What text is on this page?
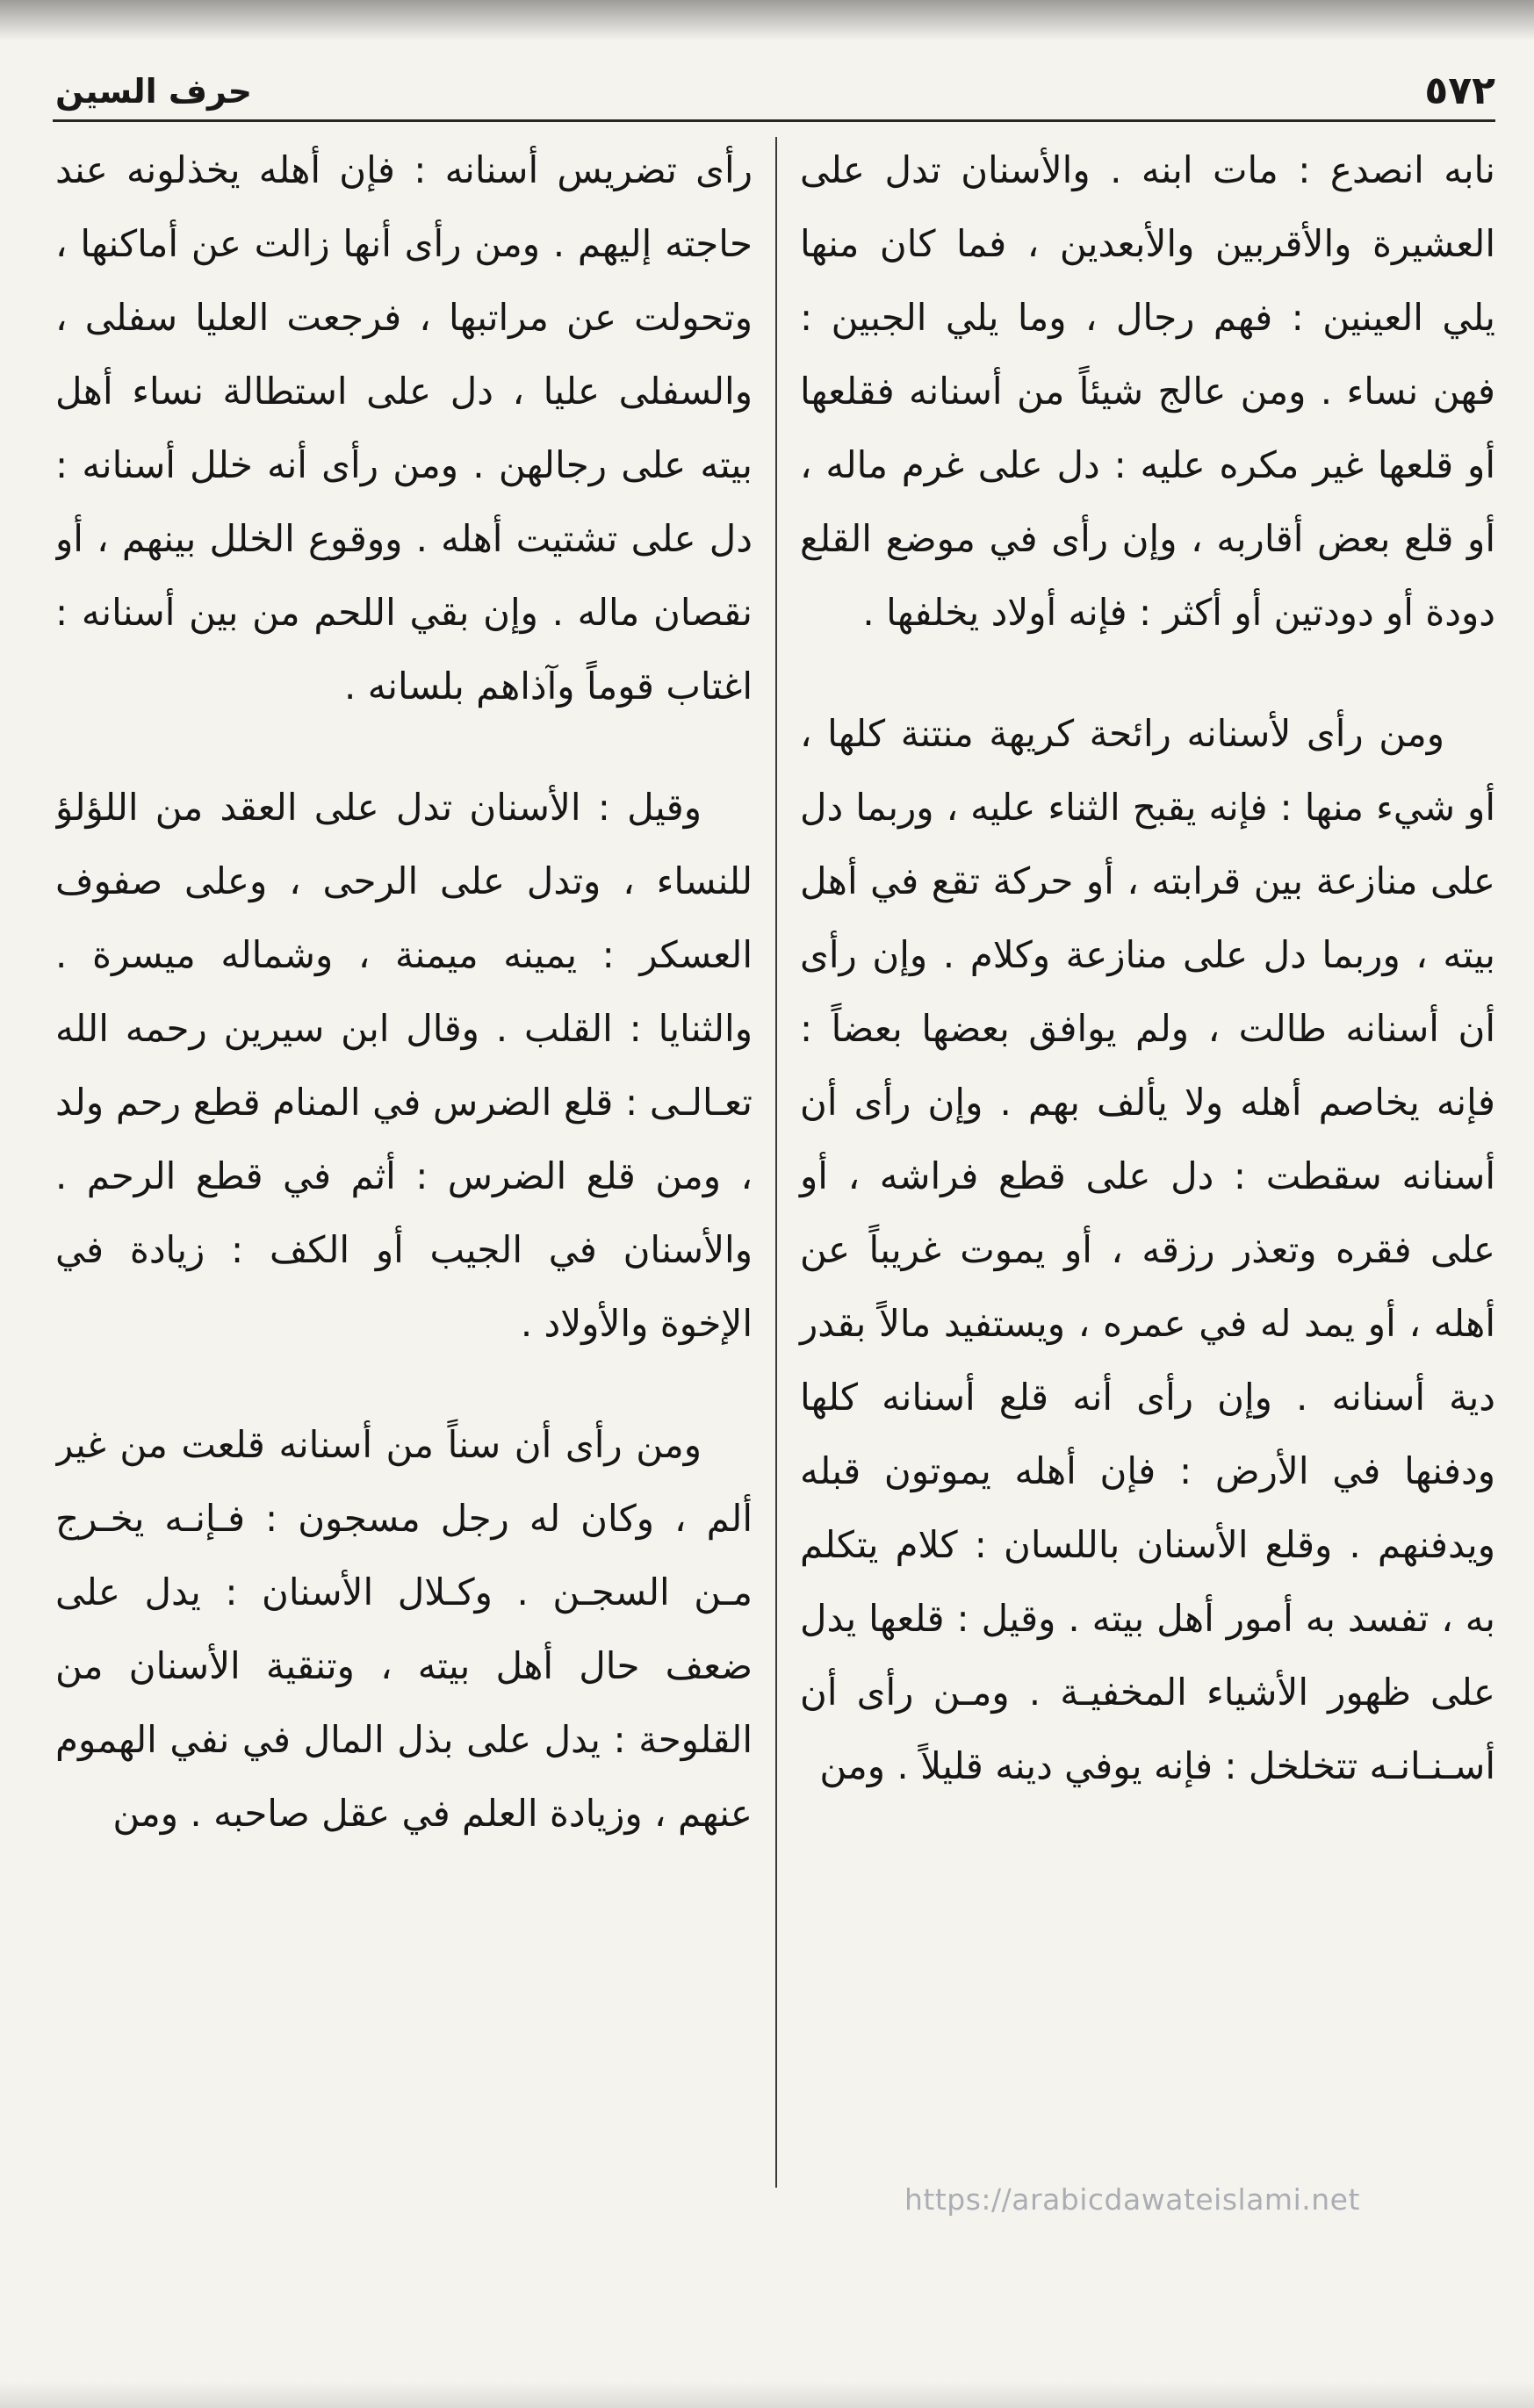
حرف السين	٥٧٢

نابه انصدع : مات ابنه . والأسنان تدل على العشيرة والأقربين والأبعدين ، فما كان منها يلي العينين : فهم رجال ، وما يلي الجبين : فهن نساء . ومن عالج شيئاً من أسنانه فقلعها أو قلعها غير مكره عليه : دل على غرم ماله ، أو قلع بعض أقاربه ، وإن رأى في موضع القلع دودة أو دودتين أو أكثر : فإنه أولاد يخلفها .

ومن رأى لأسنانه رائحة كريهة منتنة كلها ، أو شيء منها : فإنه يقبح الثناء عليه ، وربما دل على منازعة بين قرابته ، أو حركة تقع في أهل بيته ، وربما دل على منازعة وكلام . وإن رأى أن أسنانه طالت ، ولم يوافق بعضها بعضاً : فإنه يخاصم أهله ولا يألف بهم . وإن رأى أن أسنانه سقطت : دل على قطع فراشه ، أو على فقره وتعذر رزقه ، أو يموت غريباً عن أهله ، أو يمد له في عمره ، ويستفيد مالاً بقدر دية أسنانه . وإن رأى أنه قلع أسنانه كلها ودفنها في الأرض : فإن أهله يموتون قبله ويدفنهم . وقلع الأسنان باللسان : كلام يتكلم به ، تفسد به أمور أهل بيته . وقيل : قلعها يدل على ظهور الأشياء المخفيـة . ومـن رأى أن أسـنـانـه تتخلخل : فإنه يوفي دينه قليلاً . ومن

رأى تضريس أسنانه : فإن أهله يخذلونه عند حاجته إليهم . ومن رأى أنها زالت عن أماكنها ، وتحولت عن مراتبها ، فرجعت العليا سفلى ، والسفلى عليا ، دل على استطالة نساء أهل بيته على رجالهن . ومن رأى أنه خلل أسنانه : دل على تشتيت أهله . ووقوع الخلل بينهم ، أو نقصان ماله . وإن بقي اللحم من بين أسنانه : اغتاب قوماً وآذاهم بلسانه .

وقيل : الأسنان تدل على العقد من اللؤلؤ للنساء ، وتدل على الرحى ، وعلى صفوف العسكر : يمينه ميمنة ، وشماله ميسرة . والثنايا : القلب . وقال ابن سيرين رحمه الله تعـالـى : قلع الضرس في المنام قطع رحم ولد ، ومن قلع الضرس : أثم في قطع الرحم . والأسنان في الجيب أو الكف : زيادة في الإخوة والأولاد .

ومن رأى أن سناً من أسنانه قلعت من غير ألم ، وكان له رجل مسجون : فـإنـه يخـرج مـن السجـن . وكـلال الأسنان : يدل على ضعف حال أهل بيته ، وتنقية الأسنان من القلوحة : يدل على بذل المال في نفي الهموم عنهم ، وزيادة العلم في عقل صاحبه . ومن

https://arabicdawateislami.net
